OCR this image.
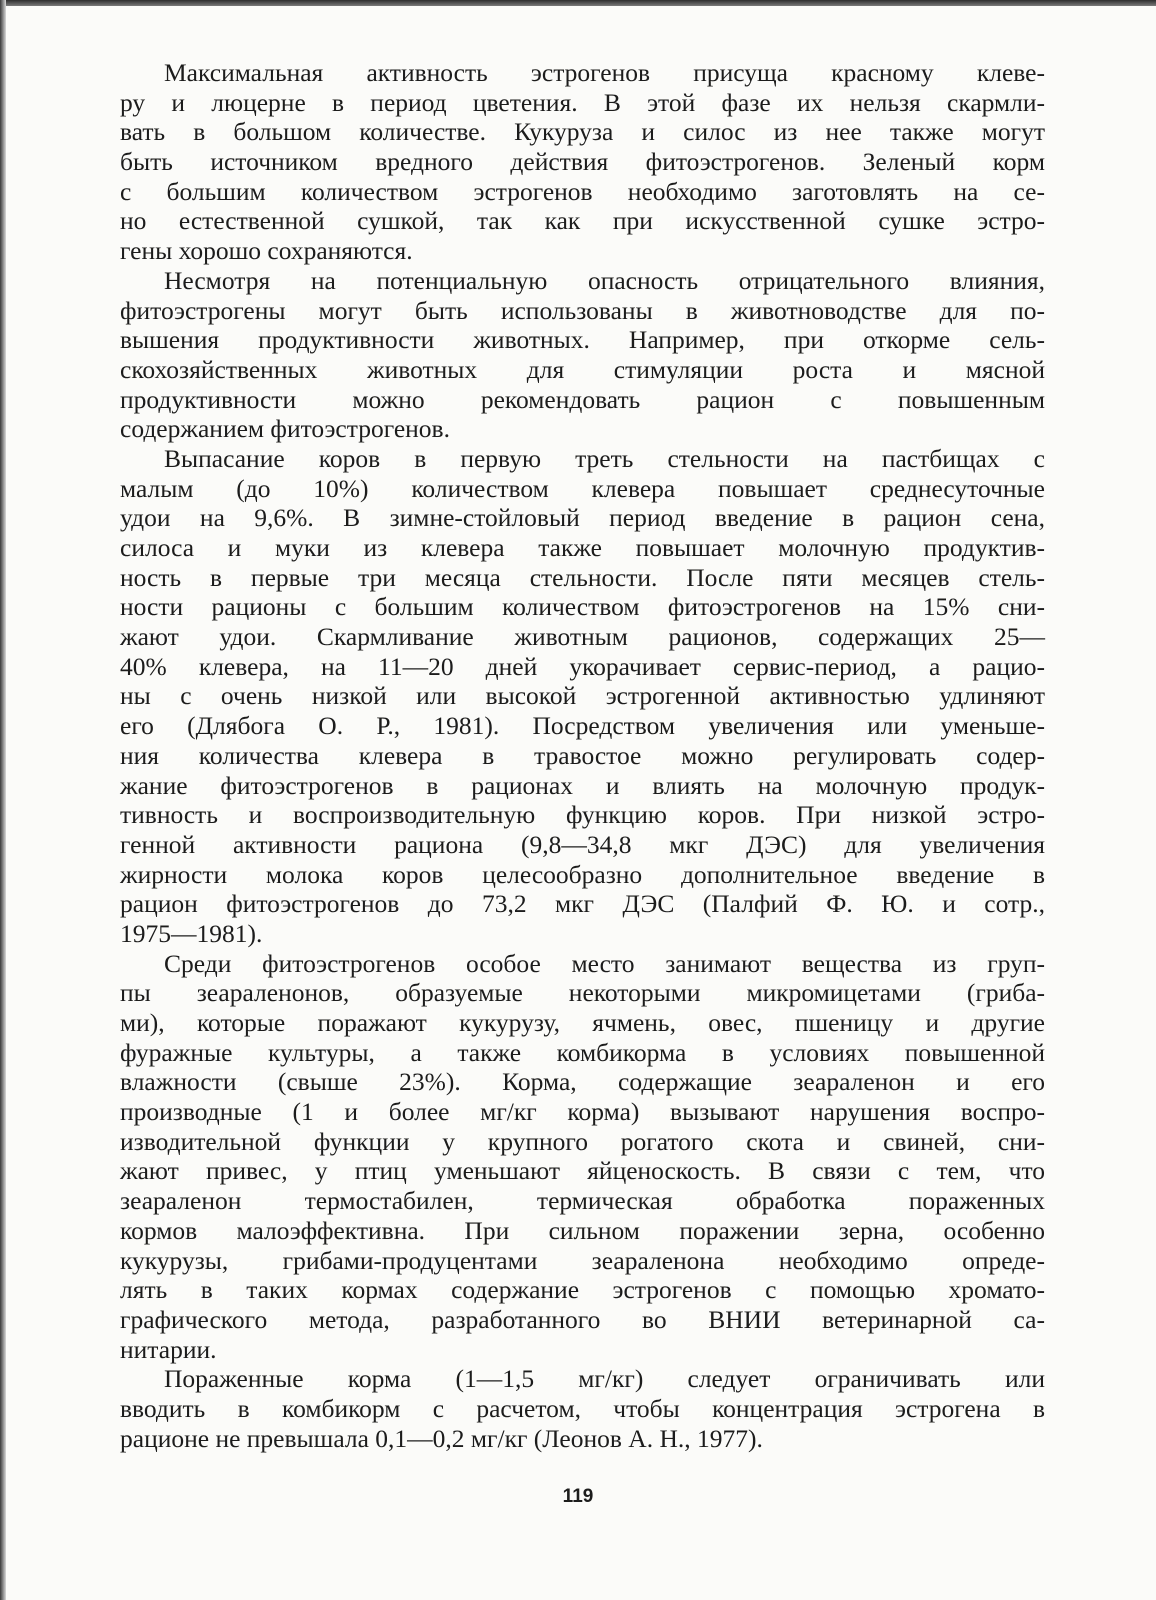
Максимальная активность эстрогенов присуща красному клеве-
ру и люцерне в период цветения. В этой фазе их нельзя скармли-
вать в большом количестве. Кукуруза и силос из нее также могут
быть источником вредного действия фитоэстрогенов. Зеленый корм
с большим количеством эстрогенов необходимо заготовлять на се-
но естественной сушкой, так как при искусственной сушке эстро-
гены хорошо сохраняются.
Несмотря на потенциальную опасность отрицательного влияния,
фитоэстрогены могут быть использованы в животноводстве для по-
вышения продуктивности животных. Например, при откорме сель-
скохозяйственных животных для стимуляции роста и мясной
продуктивности можно рекомендовать рацион с повышенным
содержанием фитоэстрогенов.
Выпасание коров в первую треть стельности на пастбищах с
малым (до 10%) количеством клевера повышает среднесуточные
удои на 9,6%. В зимне-стойловый период введение в рацион сена,
силоса и муки из клевера также повышает молочную продуктив-
ность в первые три месяца стельности. После пяти месяцев стель-
ности рационы с большим количеством фитоэстрогенов на 15% сни-
жают удои. Скармливание животным рационов, содержащих 25—
40% клевера, на 11—20 дней укорачивает сервис-период, а рацио-
ны с очень низкой или высокой эстрогенной активностью удлиняют
его (Длябога О. Р., 1981). Посредством увеличения или уменьше-
ния количества клевера в травостое можно регулировать содер-
жание фитоэстрогенов в рационах и влиять на молочную продук-
тивность и воспроизводительную функцию коров. При низкой эстро-
генной активности рациона (9,8—34,8 мкг ДЭС) для увеличения
жирности молока коров целесообразно дополнительное введение в
рацион фитоэстрогенов до 73,2 мкг ДЭС (Палфий Ф. Ю. и сотр.,
1975—1981).
Среди фитоэстрогенов особое место занимают вещества из груп-
пы зеараленонов, образуемые некоторыми микромицетами (гриба-
ми), которые поражают кукурузу, ячмень, овес, пшеницу и другие
фуражные культуры, а также комбикорма в условиях повышенной
влажности (свыше 23%). Корма, содержащие зеараленон и его
производные (1 и более мг/кг корма) вызывают нарушения воспро-
изводительной функции у крупного рогатого скота и свиней, сни-
жают привес, у птиц уменьшают яйценоскость. В связи с тем, что
зеараленон термостабилен, термическая обработка пораженных
кормов малоэффективна. При сильном поражении зерна, особенно
кукурузы, грибами-продуцентами зеараленона необходимо опреде-
лять в таких кормах содержание эстрогенов с помощью хромато-
графического метода, разработанного во ВНИИ ветеринарной са-
нитарии.
Пораженные корма (1—1,5 мг/кг) следует ограничивать или
вводить в комбикорм с расчетом, чтобы концентрация эстрогена в
рационе не превышала 0,1—0,2 мг/кг (Леонов А. Н., 1977).
119
